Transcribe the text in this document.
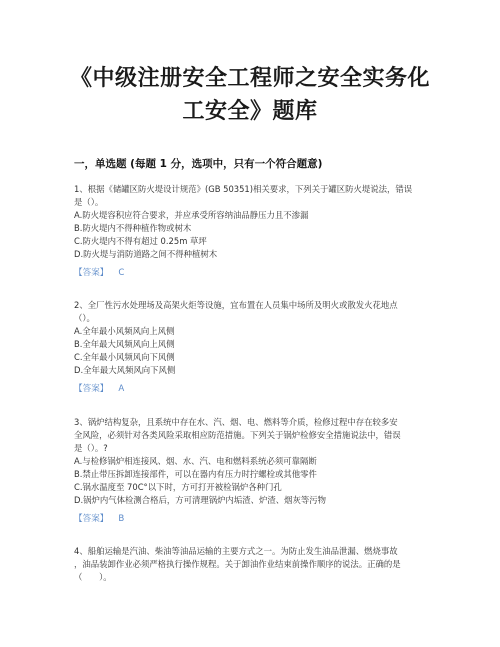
《中级注册安全工程师之安全实务化
工安全》题库
一，单选题 (每题 1 分，选项中，只有一个符合题意)
1、根据《储罐区防火堤设计规范》(GB 50351)相关要求，下列关于罐区防火堤说法，错误
是（）。
A.防火堤容积应符合要求，并应承受所容纳油品静压力且不渗漏
B.防火堤内不得种植作物或树木
C.防火堤内不得有超过 0.25m 草坪
D.防火堤与消防道路之间不得种植树木
【答案】 C
2、全厂性污水处理场及高架火炬等设施，宜布置在人员集中场所及明火或散发火花地点
（）。
A.全年最小风频风向上风侧
B.全年最大风频风向上风侧
C.全年最小风频风向下风侧
D.全年最大风频风向下风侧
【答案】 A
3、锅炉结构复杂，且系统中存在水、汽、烟、电、燃料等介质，检修过程中存在较多安
全风险，必须针对各类风险采取相应防范措施。下列关于锅炉检修安全措施说法中，错误
是（）。?
A.与检修锅炉相连接风、烟、水、汽、电和燃料系统必须可靠隔断
B.禁止带压拆卸连接部件，可以在器内有压力时拧螺栓或其他零件
C.锅水温度至 70C°以下时，方可打开被检锅炉各种门孔
D.锅炉内气体检测合格后，方可清理锅炉内垢渣、炉渣、烟灰等污物
【答案】 B
4、船舶运输是汽油、柴油等油品运输的主要方式之一。为防止发生油品泄漏、燃烧事故
，油品装卸作业必须严格执行操作规程。关于卸油作业结束前操作顺序的说法。正确的是
（　　）。
